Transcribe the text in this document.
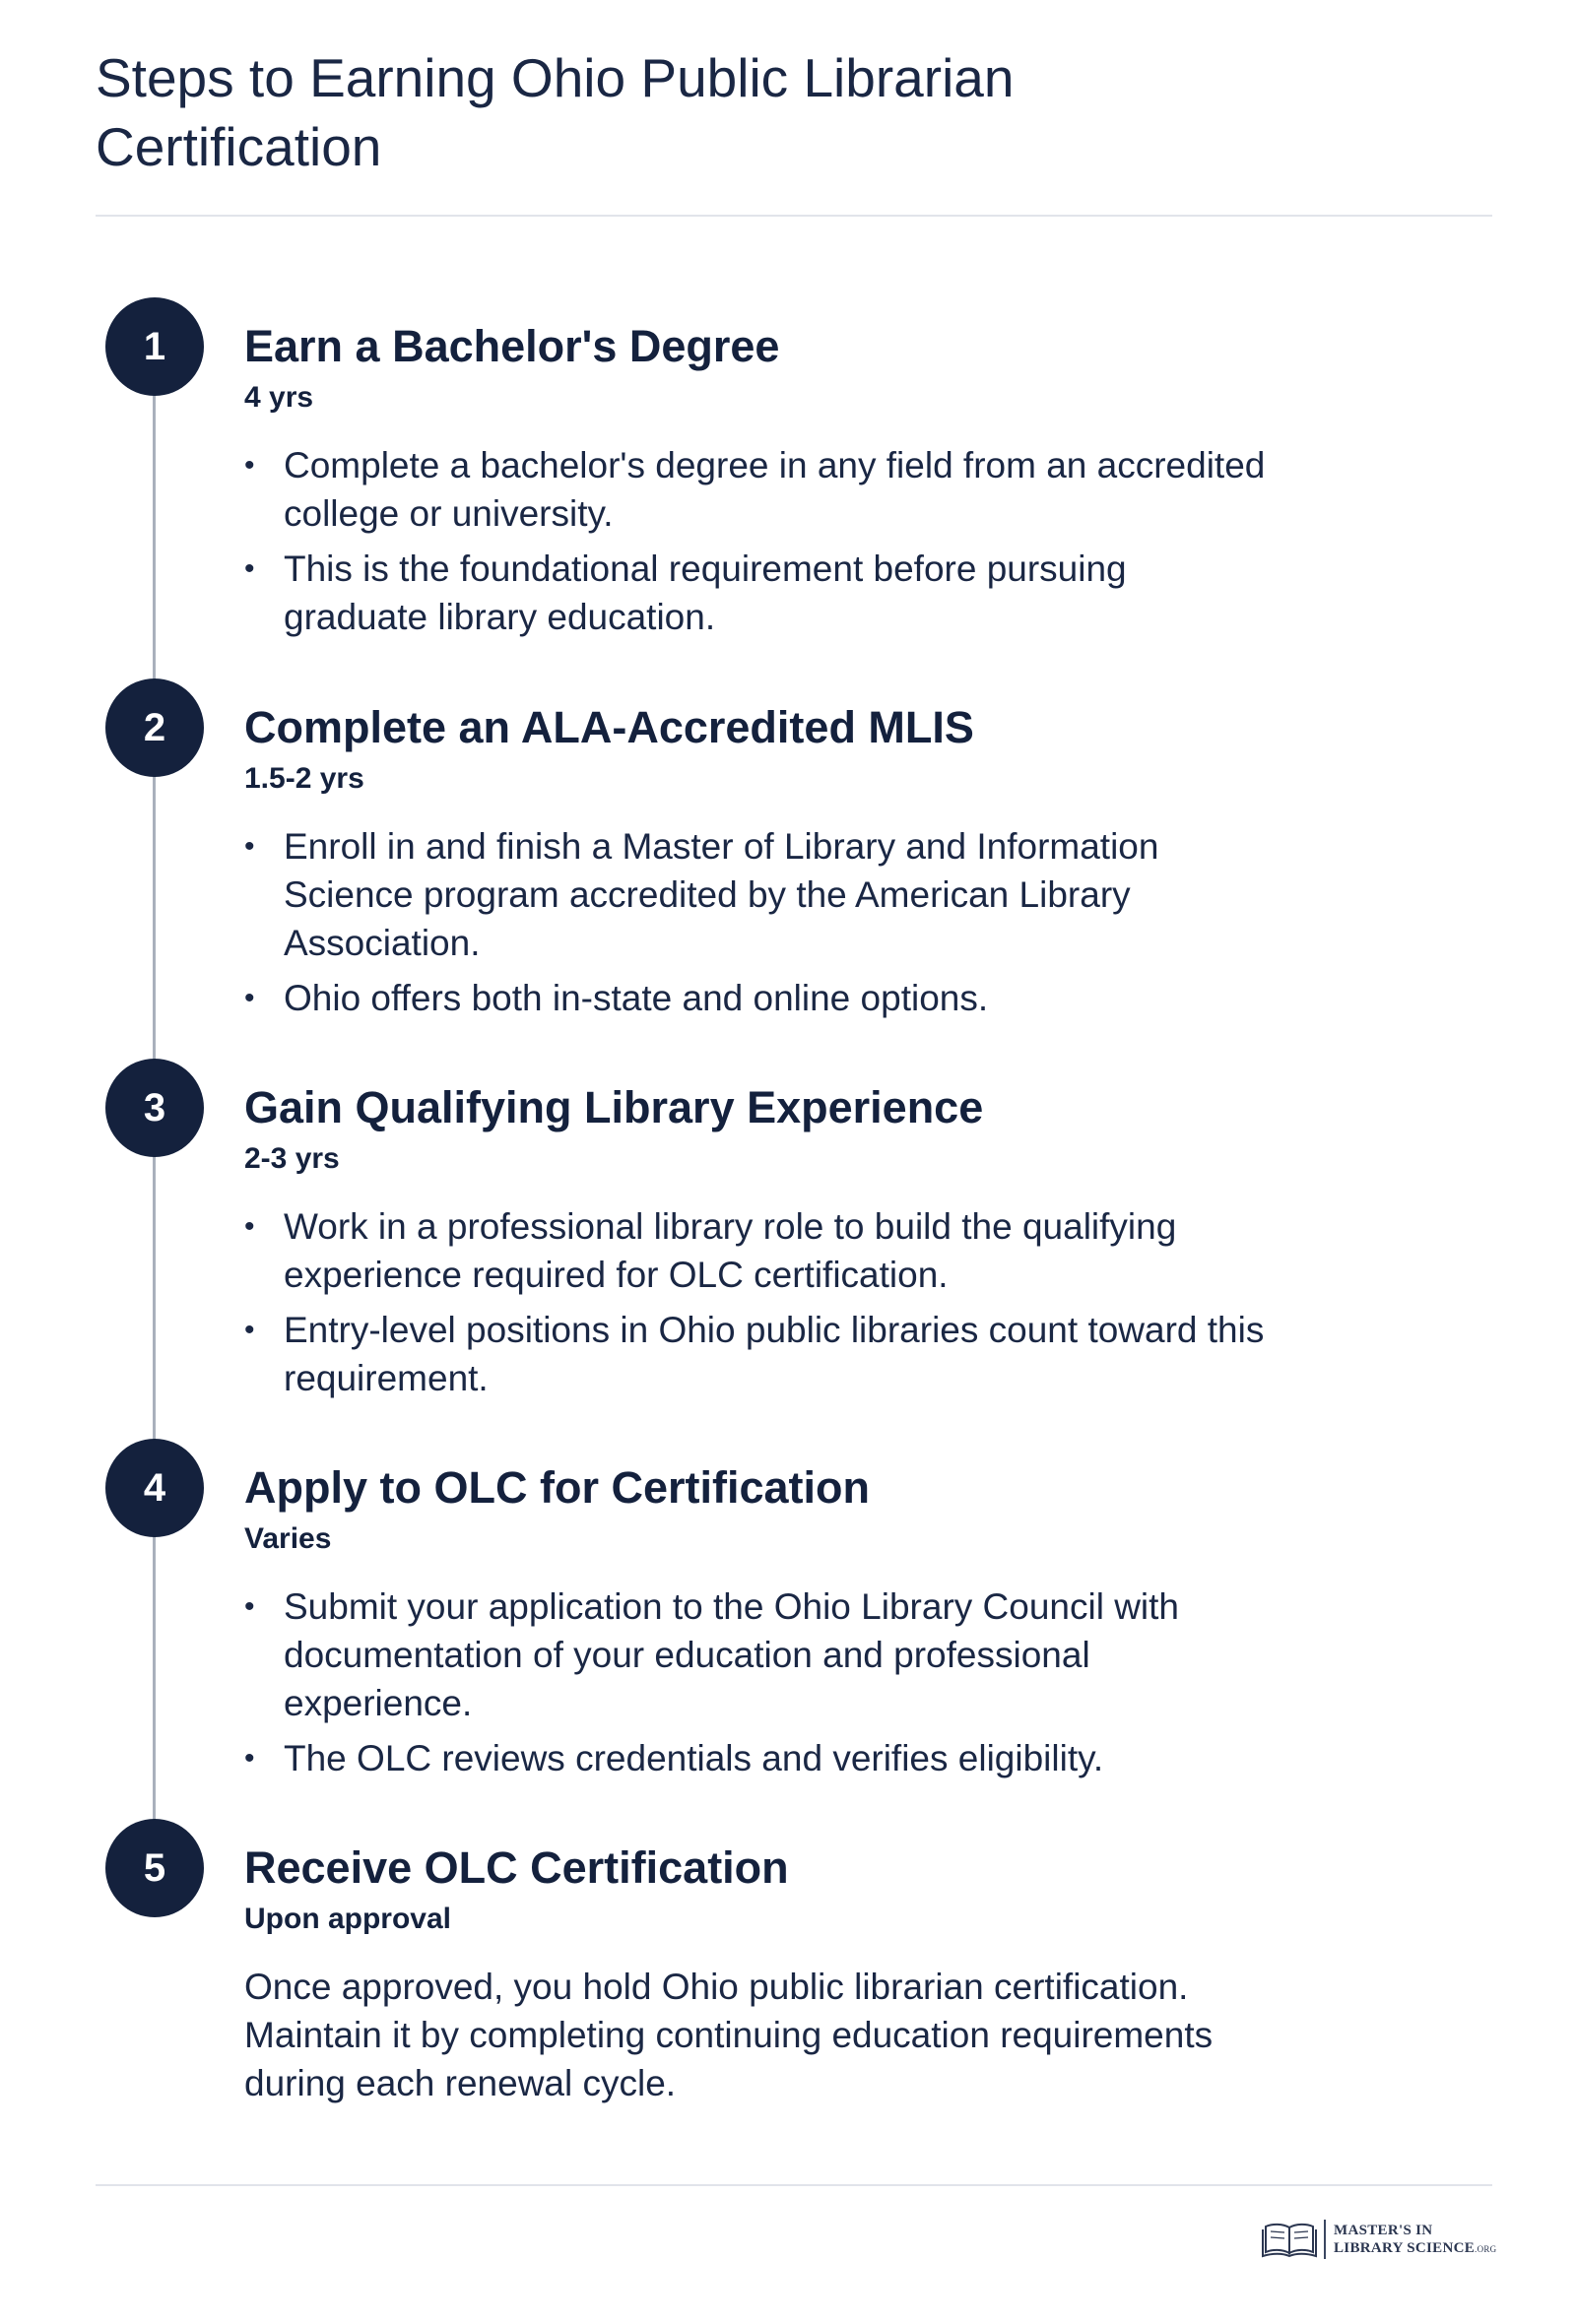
Steps to Earning Ohio Public Librarian Certification
1	Earn a Bachelor's Degree
4 yrs
• Complete a bachelor's degree in any field from an accredited college or university.
• This is the foundational requirement before pursuing graduate library education.
2	Complete an ALA-Accredited MLIS
1.5-2 yrs
• Enroll in and finish a Master of Library and Information Science program accredited by the American Library Association.
• Ohio offers both in-state and online options.
3	Gain Qualifying Library Experience
2-3 yrs
• Work in a professional library role to build the qualifying experience required for OLC certification.
• Entry-level positions in Ohio public libraries count toward this requirement.
4	Apply to OLC for Certification
Varies
• Submit your application to the Ohio Library Council with documentation of your education and professional experience.
• The OLC reviews credentials and verifies eligibility.
5	Receive OLC Certification
Upon approval

Once approved, you hold Ohio public librarian certification. Maintain it by completing continuing education requirements during each renewal cycle.

MASTER'S IN
LIBRARY SCIENCE.ORG
